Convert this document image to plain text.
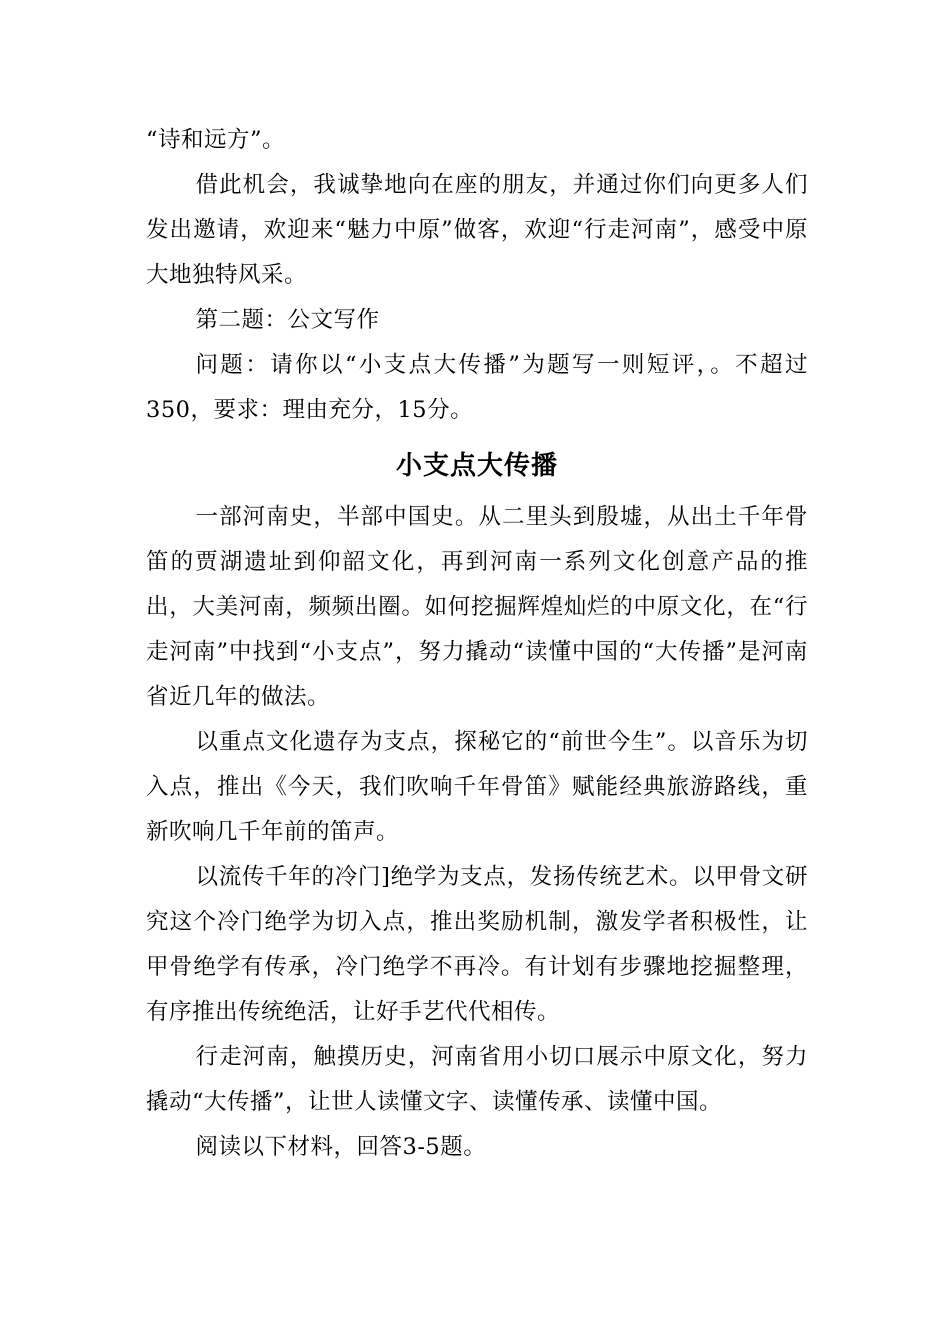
“诗和远方”。

借此机会，我诚挚地向在座的朋友，并通过你们向更多人们发出邀请，欢迎来“魅力中原”做客，欢迎“行走河南”，感受中原大地独特风采。

第二题：公文写作

问题：请你以“小支点大传播”为题写一则短评，。不超过350，要求：理由充分，15分。

小支点大传播

一部河南史，半部中国史。从二里头到殷墟，从出土千年骨笛的贾湖遗址到仰韶文化，再到河南一系列文化创意产品的推出，大美河南，频频出圈。如何挖掘辉煌灿烂的中原文化，在“行走河南”中找到“小支点”，努力撬动“读懂中国的“大传播”是河南省近几年的做法。

以重点文化遗存为支点，探秘它的“前世今生”。以音乐为切入点，推出《今天，我们吹响千年骨笛》赋能经典旅游路线，重新吹响几千年前的笛声。

以流传千年的冷门]绝学为支点，发扬传统艺术。以甲骨文研究这个冷门绝学为切入点，推出奖励机制，激发学者积极性，让甲骨绝学有传承，冷门绝学不再冷。有计划有步骤地挖掘整理，有序推出传统绝活，让好手艺代代相传。

行走河南，触摸历史，河南省用小切口展示中原文化，努力撬动“大传播”，让世人读懂文字、读懂传承、读懂中国。

阅读以下材料，回答3-5题。
